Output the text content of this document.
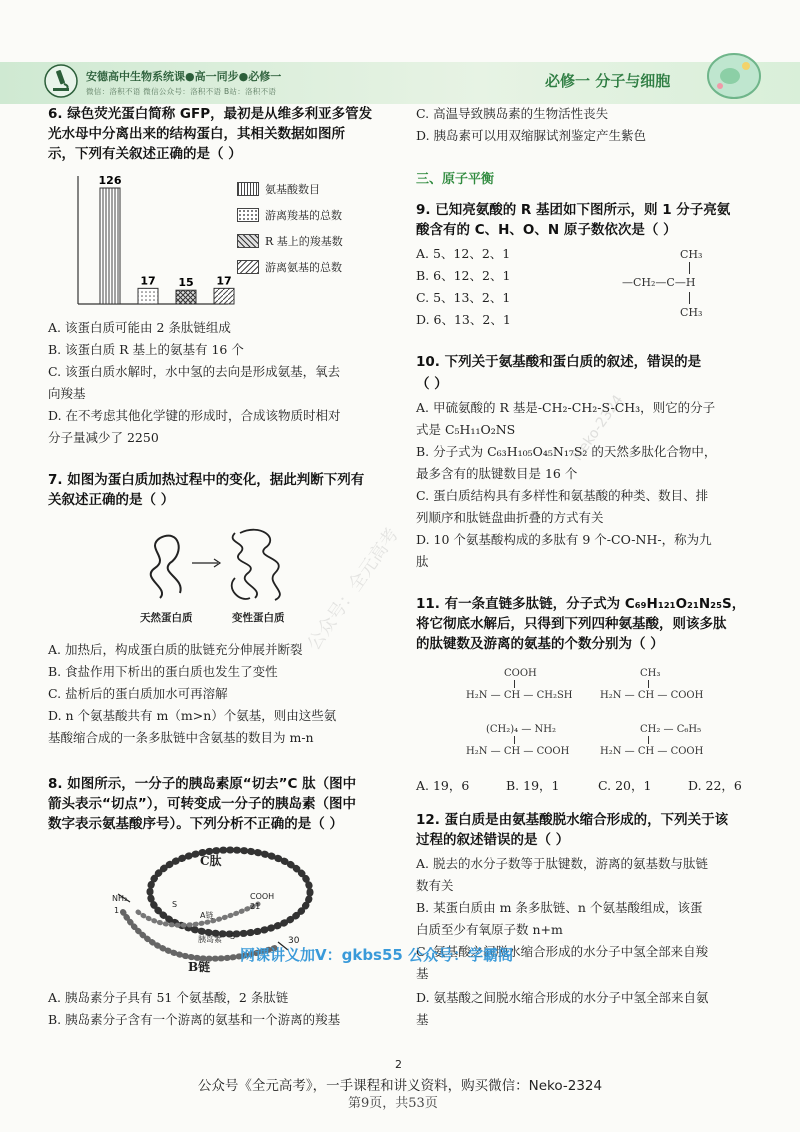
安德高中生物系统课●高一同步●必修一
微信：洛积不语 微信公众号：洛积不语 B站：洛积不语
必修一 分子与细胞
6. 绿色荧光蛋白简称 GFP，最初是从维多利亚多管发
光水母中分离出来的结构蛋白，其相关数据如图所
示，下列有关叙述正确的是（ ）
126
17 15 17
氨基酸数目
游离羧基的总数
R 基上的羧基数
游离氨基的总数
A. 该蛋白质可能由 2 条肽链组成
B. 该蛋白质 R 基上的氨基有 16 个
C. 该蛋白质水解时，水中氢的去向是形成氨基，氧去
向羧基
D. 在不考虑其他化学键的形成时，合成该物质时相对
分子量减少了 2250
7. 如图为蛋白质加热过程中的变化，据此判断下列有
关叙述正确的是（ ）
天然蛋白质	变性蛋白质
A. 加热后，构成蛋白质的肽链充分伸展并断裂
B. 食盐作用下析出的蛋白质也发生了变性
C. 盐析后的蛋白质加水可再溶解
D. n 个氨基酸共有 m（m>n）个氨基，则由这些氨
基酸缩合成的一条多肽链中含氨基的数目为 m-n
8. 如图所示，一分子的胰岛素原“切去”C 肽（图中
箭头表示“切点”），可转变成一分子的胰岛素（图中
数字表示氨基酸序号）。下列分析不正确的是（ ）
C肽
NH₂
1
COOH
21
A链
胰岛素
B链
30
S
S
A. 胰岛素分子具有 51 个氨基酸，2 条肽链
B. 胰岛素分子含有一个游离的氨基和一个游离的羧基
C. 高温导致胰岛素的生物活性丧失
D. 胰岛素可以用双缩脲试剂鉴定产生紫色
三、原子平衡
9. 已知亮氨酸的 R 基团如下图所示，则 1 分子亮氨
酸含有的 C、H、O、N 原子数依次是（ ）
A. 5、12、2、1
B. 6、12、2、1
C. 5、13、2、1
D. 6、13、2、1
CH₃
—CH₂—C—H
CH₃
10. 下列关于氨基酸和蛋白质的叙述，错误的是
（ ）
A. 甲硫氨酸的 R 基是-CH₂-CH₂-S-CH₃，则它的分子
式是 C₅H₁₁O₂NS
B. 分子式为 C₆₃H₁₀₅O₄₅N₁₇S₂ 的天然多肽化合物中，
最多含有的肽键数目是 16 个
C. 蛋白质结构具有多样性和氨基酸的种类、数目、排
列顺序和肽链盘曲折叠的方式有关
D. 10 个氨基酸构成的多肽有 9 个-CO-NH-，称为九
肽
11. 有一条直链多肽链，分子式为 C₆₉H₁₂₁O₂₁N₂₅S，
将它彻底水解后，只得到下列四种氨基酸，则该多肽
的肽键数及游离的氨基的个数分别为（ ）
COOH
H₂N — CH — CH₂SH
CH₃
H₂N — CH — COOH
(CH₂)₄ — NH₂
H₂N — CH — COOH
CH₂ — C₆H₅
H₂N — CH — COOH
A. 19，6	B. 19，1	C. 20，1	D. 22，6
12. 蛋白质是由氨基酸脱水缩合形成的，下列关于该
过程的叙述错误的是（ ）
A. 脱去的水分子数等于肽键数，游离的氨基数与肽链
数有关
B. 某蛋白质由 m 条多肽链、n 个氨基酸组成，该蛋
白质至少有氧原子数 n+m
C. 氨基酸之间脱水缩合形成的水分子中氢全部来自羧
基
D. 氨基酸之间脱水缩合形成的水分子中氢全部来自氨
基
公众号：全元高考
Neko-2324
网课讲义加V：gkbs55 公众号：学霸阁
2
公众号《全元高考》，一手课程和讲义资料，购买微信：Neko-2324
第9页，共53页
